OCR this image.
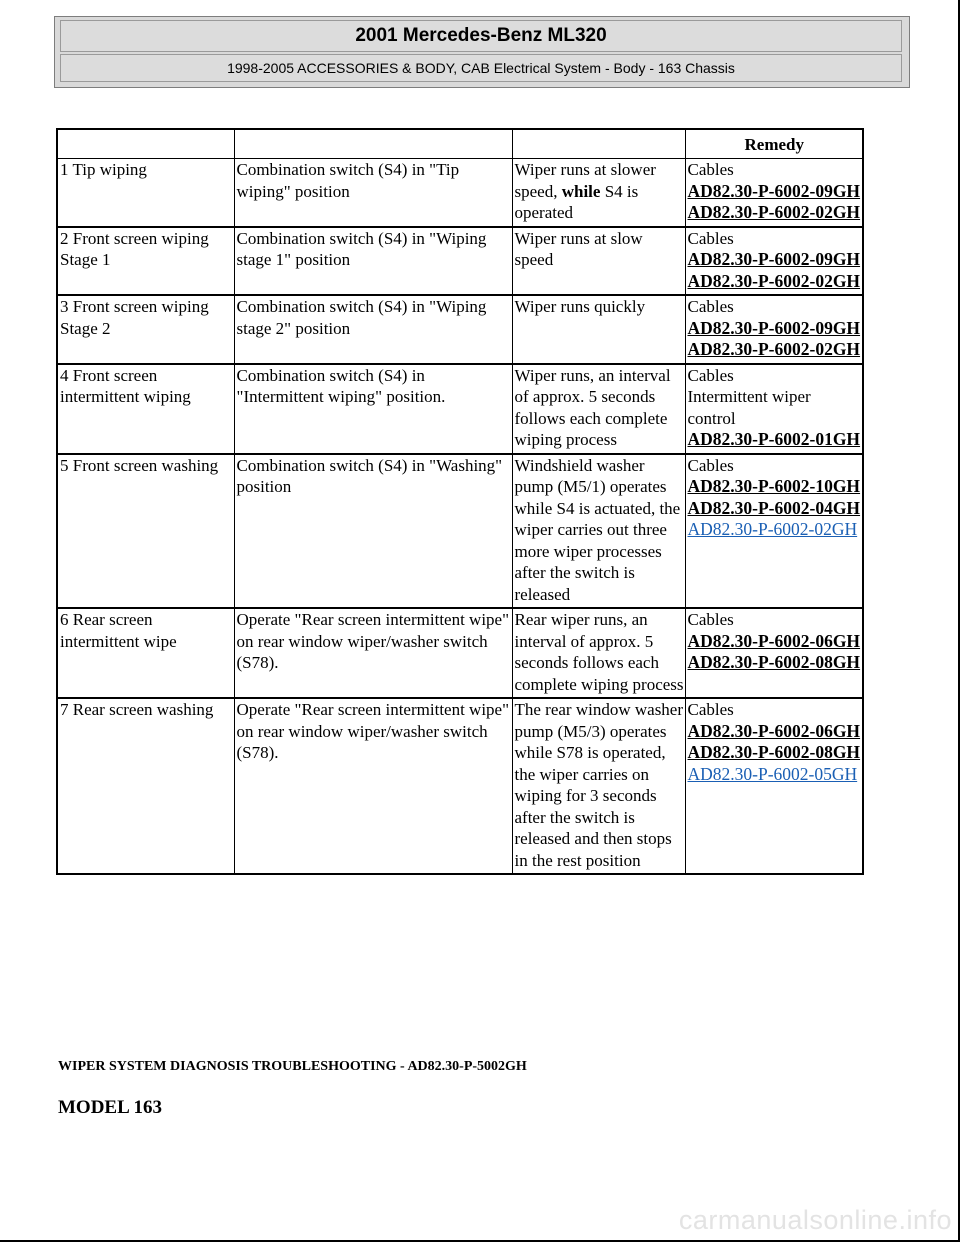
2001 Mercedes-Benz ML320
1998-2005 ACCESSORIES & BODY, CAB Electrical System - Body - 163 Chassis
			Remedy
1 Tip wiping	Combination switch (S4) in "Tip wiping" position	Wiper runs at slower speed, while S4 is operated	Cables
AD82.30-P-6002-09GH
AD82.30-P-6002-02GH

2 Front screen wiping Stage 1	Combination switch (S4) in "Wiping stage 1" position	Wiper runs at slow speed	Cables
AD82.30-P-6002-09GH
AD82.30-P-6002-02GH

3 Front screen wiping Stage 2	Combination switch (S4) in "Wiping stage 2" position	Wiper runs quickly	Cables
AD82.30-P-6002-09GH
AD82.30-P-6002-02GH

4 Front screen intermittent wiping	Combination switch (S4) in "Intermittent wiping" position.	Wiper runs, an interval of approx. 5 seconds follows each complete wiping process	Cables
Intermittent wiper control
AD82.30-P-6002-01GH

5 Front screen washing	Combination switch (S4) in "Washing" position	Windshield washer pump (M5/1) operates while S4 is actuated, the wiper carries out three more wiper processes after the switch is released	Cables
AD82.30-P-6002-10GH
AD82.30-P-6002-04GH
AD82.30-P-6002-02GH

6 Rear screen intermittent wipe	Operate "Rear screen intermittent wipe" on rear window wiper/washer switch (S78).	Rear wiper runs, an interval of approx. 5 seconds follows each complete wiping process	Cables
AD82.30-P-6002-06GH
AD82.30-P-6002-08GH

7 Rear screen washing	Operate "Rear screen intermittent wipe" on rear window wiper/washer switch (S78).	The rear window washer pump (M5/3) operates while S78 is operated, the wiper carries on wiping for 3 seconds after the switch is released and then stops in the rest position	Cables
AD82.30-P-6002-06GH
AD82.30-P-6002-08GH
AD82.30-P-6002-05GH
WIPER SYSTEM DIAGNOSIS TROUBLESHOOTING - AD82.30-P-5002GH
MODEL 163
carmanualsonline.info
